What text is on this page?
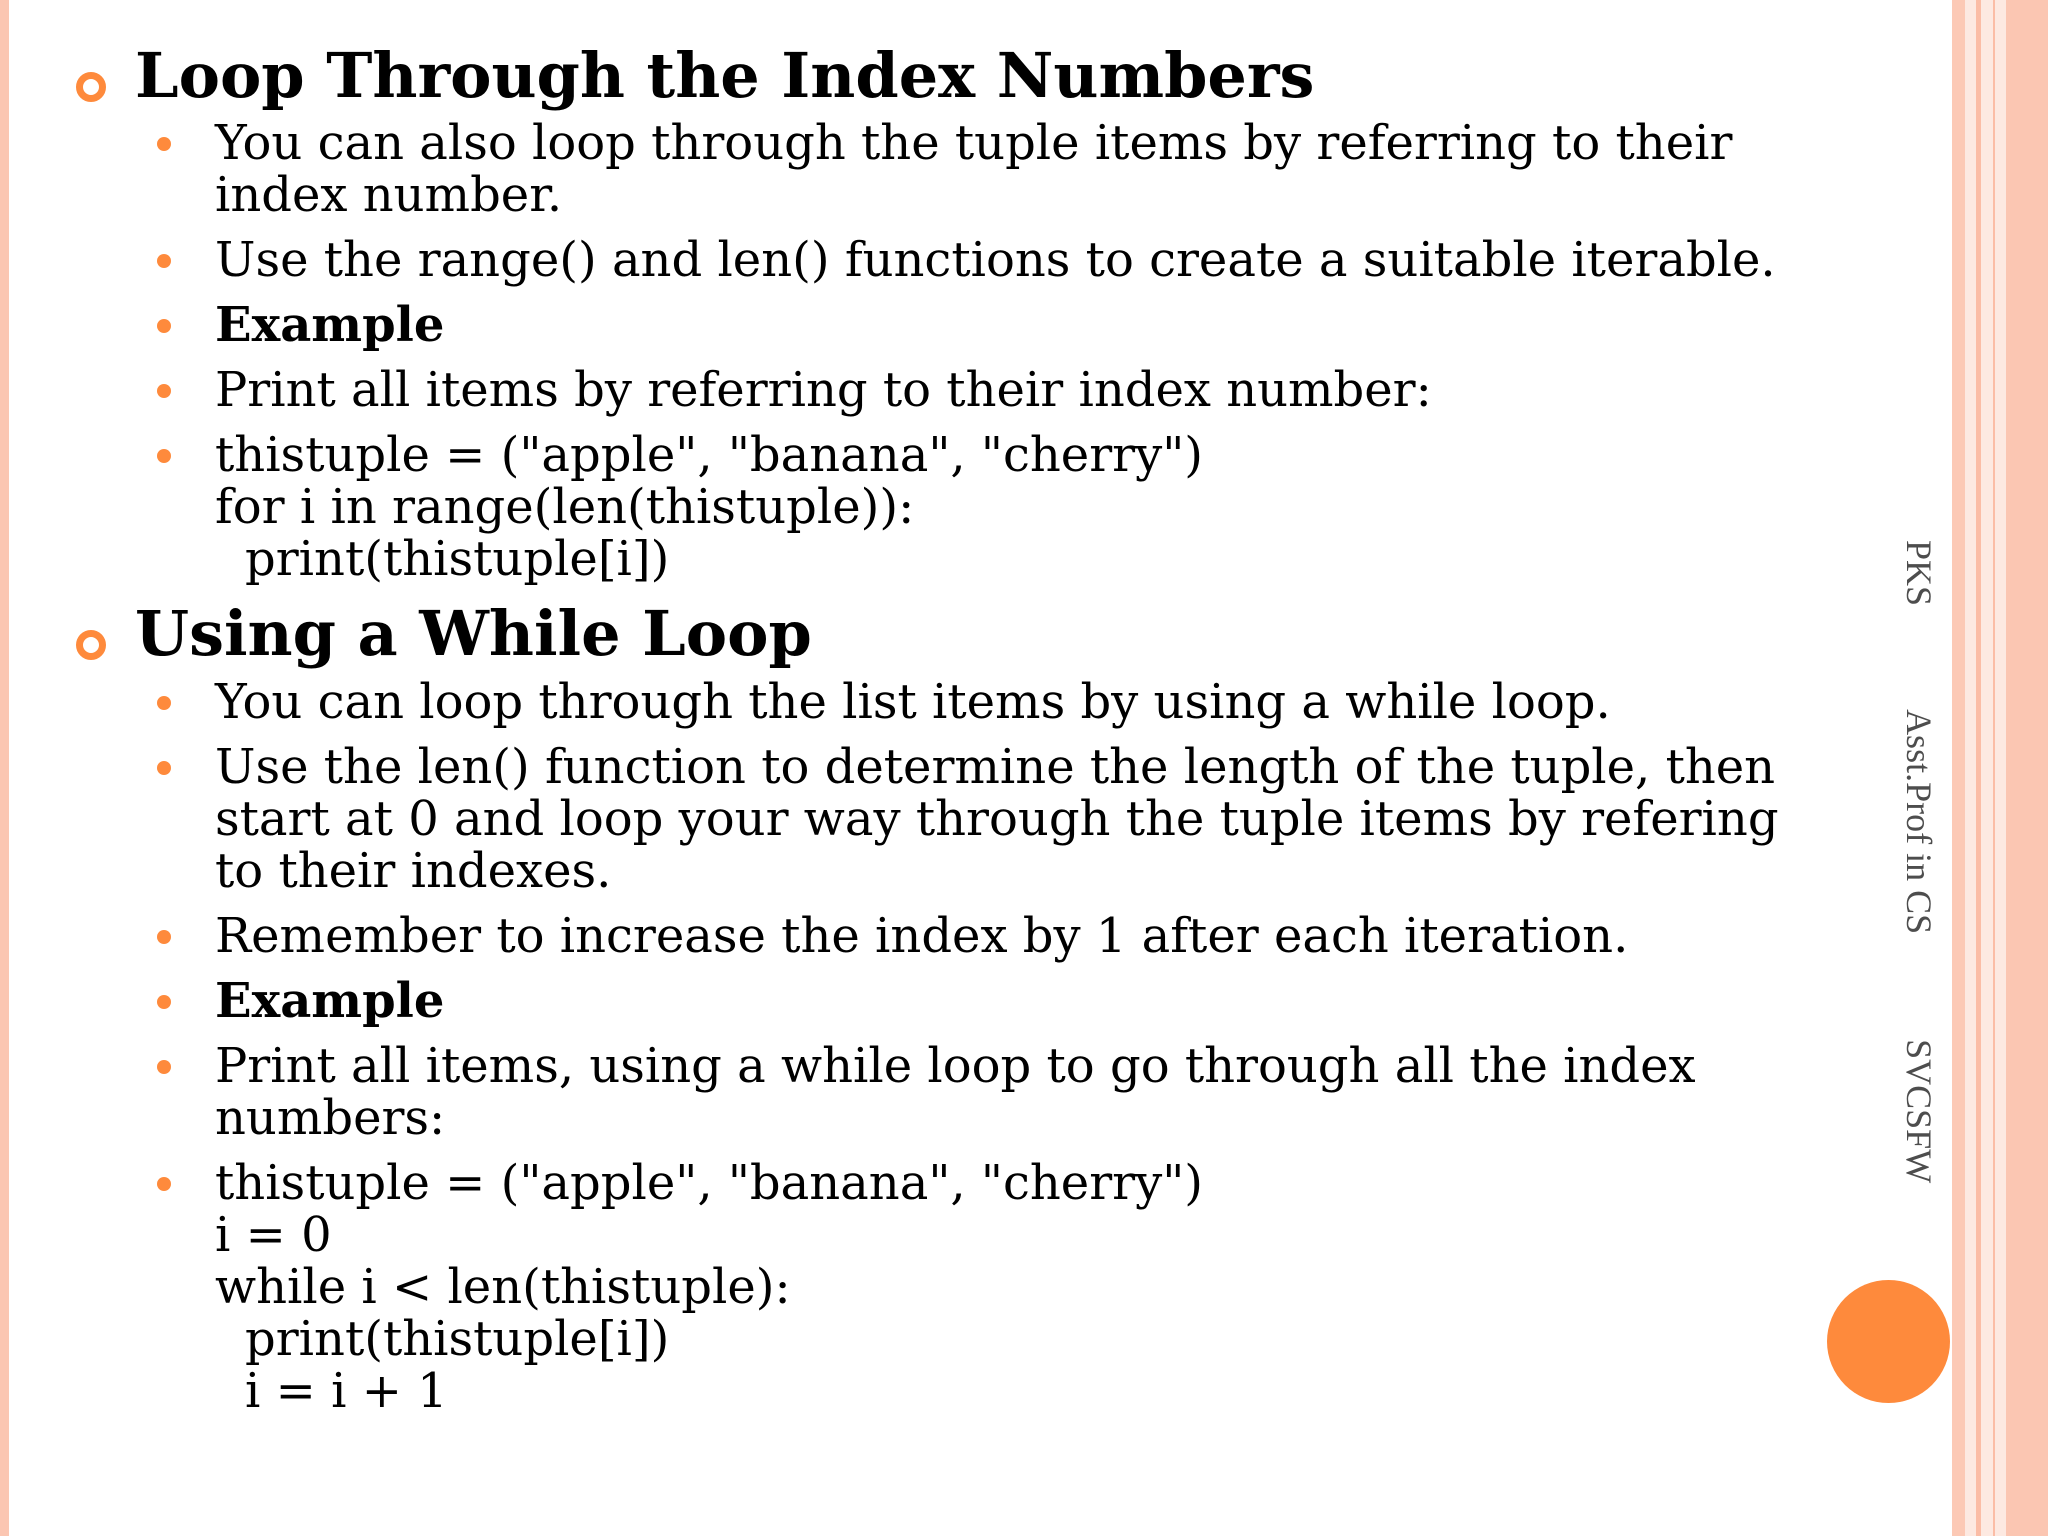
PKS Asst.Prof in CS SVCSFW
Loop Through the Index Numbers
You can also loop through the tuple items by referring to their index number.
Use the range() and len() functions to create a suitable iterable.
Example
Print all items by referring to their index number:
thistuple = ("apple", "banana", "cherry")
for i in range(len(thistuple)):
print(thistuple[i])
Using a While Loop
You can loop through the list items by using a while loop.
Use the len() function to determine the length of the tuple, then start at 0 and loop your way through the tuple items by refering to their indexes.
Remember to increase the index by 1 after each iteration.
Example
Print all items, using a while loop to go through all the index numbers:
thistuple = ("apple", "banana", "cherry")
i = 0
while i < len(thistuple):
print(thistuple[i])
i = i + 1
